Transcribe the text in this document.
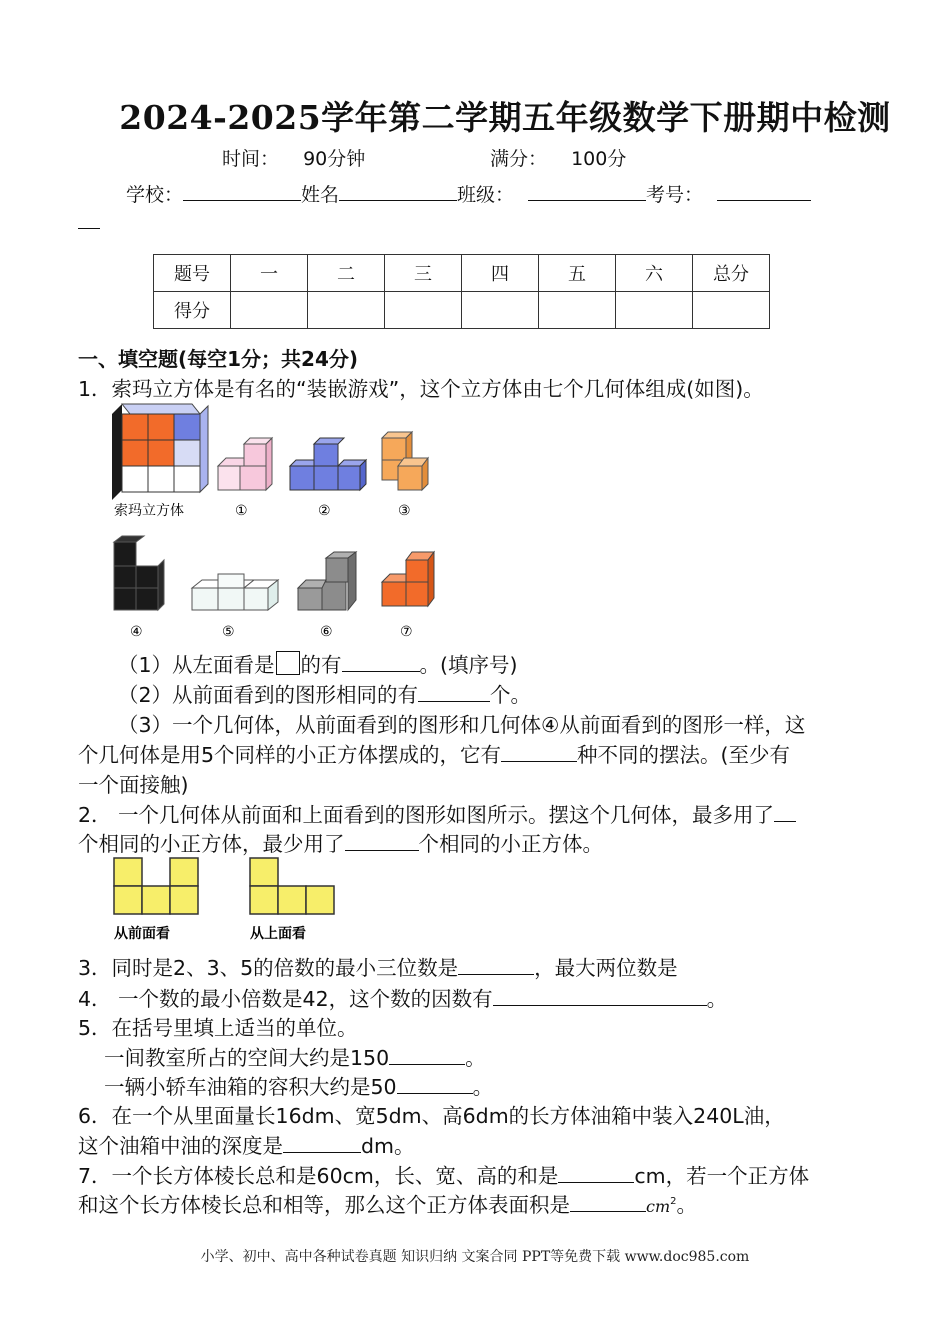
2024-2025学年第二学期五年级数学下册期中检测
时间： 90分钟	满分： 100分
学校：	姓名	班级：	考号：
题号	一	二	三	四	五	六	总分
得分							
一、填空题(每空1分；共24分)
1．索玛立方体是有名的“装嵌游戏”，这个立方体由七个几何体组成(如图)。
索玛立方体	①	②	③
④	⑤	⑥	⑦
（1）从左面看是 的有	。(填序号)
（2）从前面看到的图形相同的有	个。
（3）一个几何体，从前面看到的图形和几何体④从前面看到的图形一样，这
个几何体是用5个同样的小正方体摆成的，它有	种不同的摆法。(至少有
一个面接触)
2． 一个几何体从前面和上面看到的图形如图所示。摆这个几何体，最多用了
个相同的小正方体，最少用了	个相同的小正方体。
从前面看	从上面看
3．同时是2、3、5的倍数的最小三位数是	，最大两位数是
4． 一个数的最小倍数是42，这个数的因数有	。
5．在括号里填上适当的单位。
一间教室所占的空间大约是150	。
一辆小轿车油箱的容积大约是50	。
6．在一个从里面量长16dm、宽5dm、高6dm的长方体油箱中装入240L油，
这个油箱中油的深度是	dm。
7．一个长方体棱长总和是60cm，长、宽、高的和是	cm，若一个正方体
和这个长方体棱长总和相等，那么这个正方体表面积是	$cm^2$。
小学、初中、高中各种试卷真题 知识归纳 文案合同 PPT等免费下载 www.doc985.com
